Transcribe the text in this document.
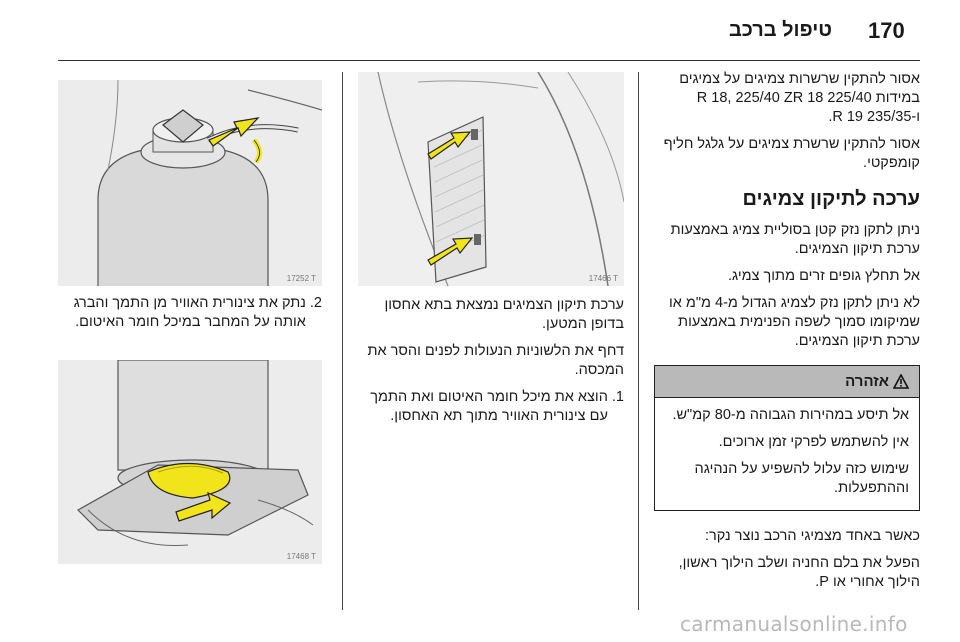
170
טיפול ברכב

אסור להתקין שרשרות צמיגים על צמיגים במידות 225/40 R 18, 225/40 ZR 18 ו-235/35 R 19.

אסור להתקין שרשרת צמיגים על גלגל חליף קומפקטי.

ערכה לתיקון צמיגים

ניתן לתקן נזק קטן בסוליית צמיג באמצעות ערכת תיקון הצמיגים.

אל תחלץ גופים זרים מתוך צמיג.

לא ניתן לתקן נזק לצמיג הגדול מ-4 מ"מ או שמיקומו סמוך לשפה הפנימית באמצעות ערכת תיקון הצמיגים.

אזהרה

אל תיסע במהירות הגבוהה מ-80 קמ"ש.

אין להשתמש לפרקי זמן ארוכים.

שימוש כזה עלול להשפיע על הנהיגה וההתפעלות.

כאשר באחד מצמיגי הרכב נוצר נקר:

הפעל את בלם החניה ושלב הילוך ראשון, הילוך אחורי או P.

17466 T

ערכת תיקון הצמיגים נמצאת בתא אחסון בדופן המטען.

דחף את הלשוניות הנעולות לפנים והסר את המכסה.

1.
הוצא את מיכל חומר האיטום ואת התמך עם צינורית האוויר מתוך תא האחסון.
17252 T
2.
נתק את צינורית האוויר מן התמך והברג אותה על המחבר במיכל חומר האיטום.
17468 T
carmanualsonline.info
